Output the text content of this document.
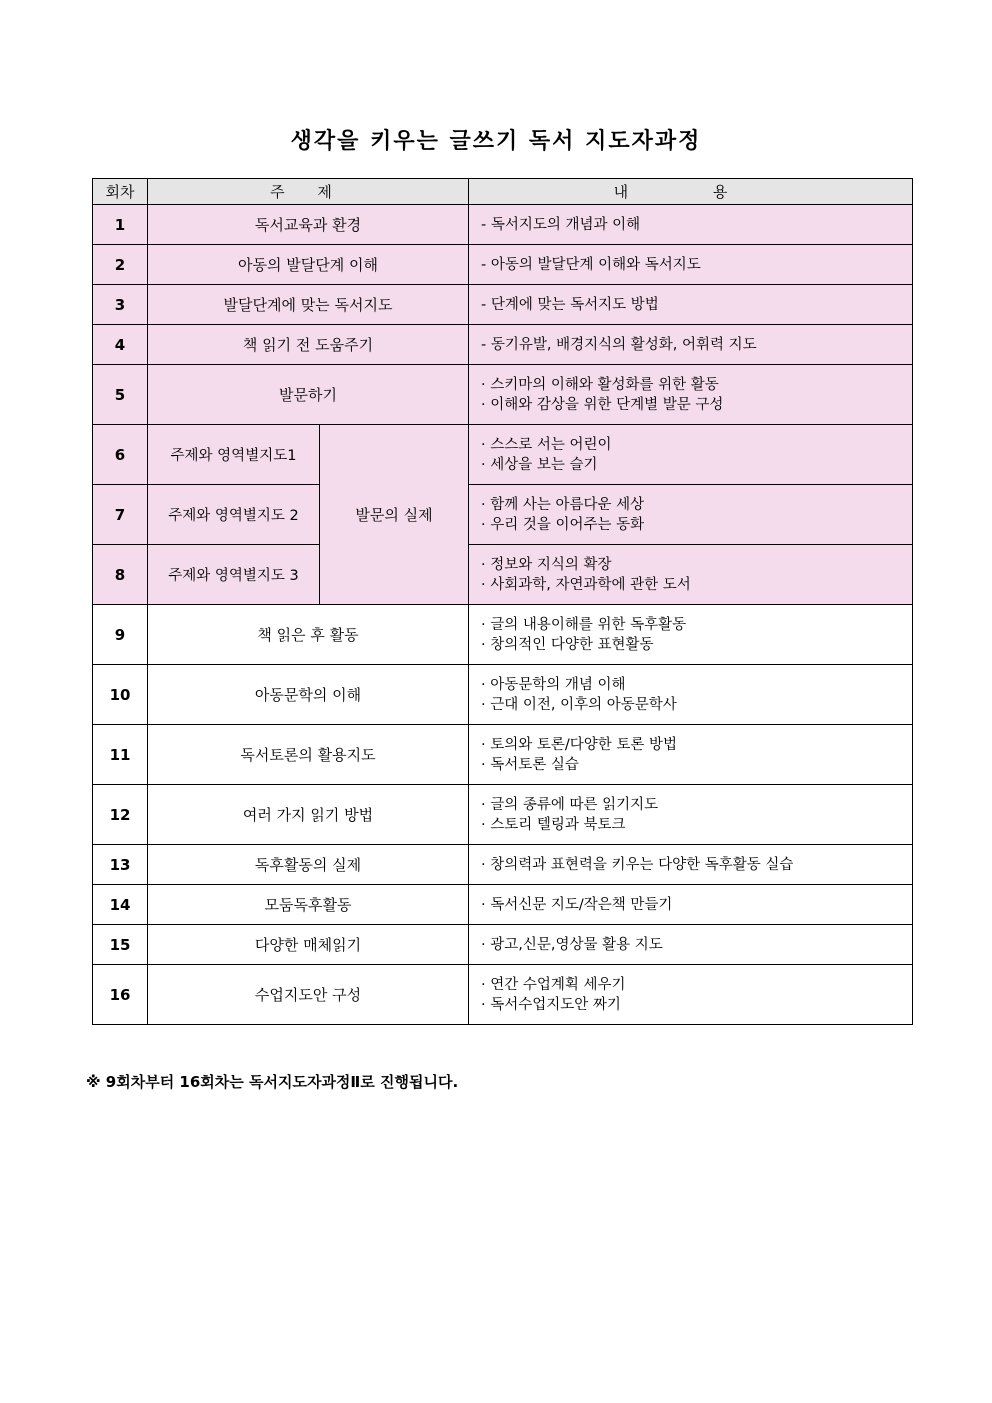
생각을 키우는 글쓰기 독서 지도자과정
회차	주 제		내 용
1	독서교육과 환경		- 독서지도의 개념과 이해

2	아동의 발달단계 이해		- 아동의 발달단계 이해와 독서지도

3	발달단계에 맞는 독서지도		- 단계에 맞는 독서지도 방법

4	책 읽기 전 도움주기		- 동기유발, 배경지식의 활성화, 어휘력 지도

5	발문하기		· 스키마의 이해와 활성화를 위한 활동
· 이해와 감상을 위한 단계별 발문 구성

6	주제와 영역별지도1	발문의 실제	· 스스로 서는 어린이
· 세상을 보는 슬기

7	주제와 영역별지도 2		· 함께 사는 아름다운 세상
· 우리 것을 이어주는 동화

8	주제와 영역별지도 3		· 정보와 지식의 확장
· 사회과학, 자연과학에 관한 도서

9	책 읽은 후 활동		· 글의 내용이해를 위한 독후활동
· 창의적인 다양한 표현활동

10	아동문학의 이해		· 아동문학의 개념 이해
· 근대 이전, 이후의 아동문학사

11	독서토론의 활용지도		· 토의와 토론/다양한 토론 방법
· 독서토론 실습

12	여러 가지 읽기 방법		· 글의 종류에 따른 읽기지도
· 스토리 텔링과 북토크

13	독후활동의 실제		· 창의력과 표현력을 키우는 다양한 독후활동 실습

14	모둠독후활동		· 독서신문 지도/작은책 만들기

15	다양한 매체읽기		· 광고,신문,영상물 활용 지도

16	수업지도안 구성		· 연간 수업계획 세우기
· 독서수업지도안 짜기
※ 9회차부터 16회차는 독서지도자과정Ⅱ로 진행됩니다.
